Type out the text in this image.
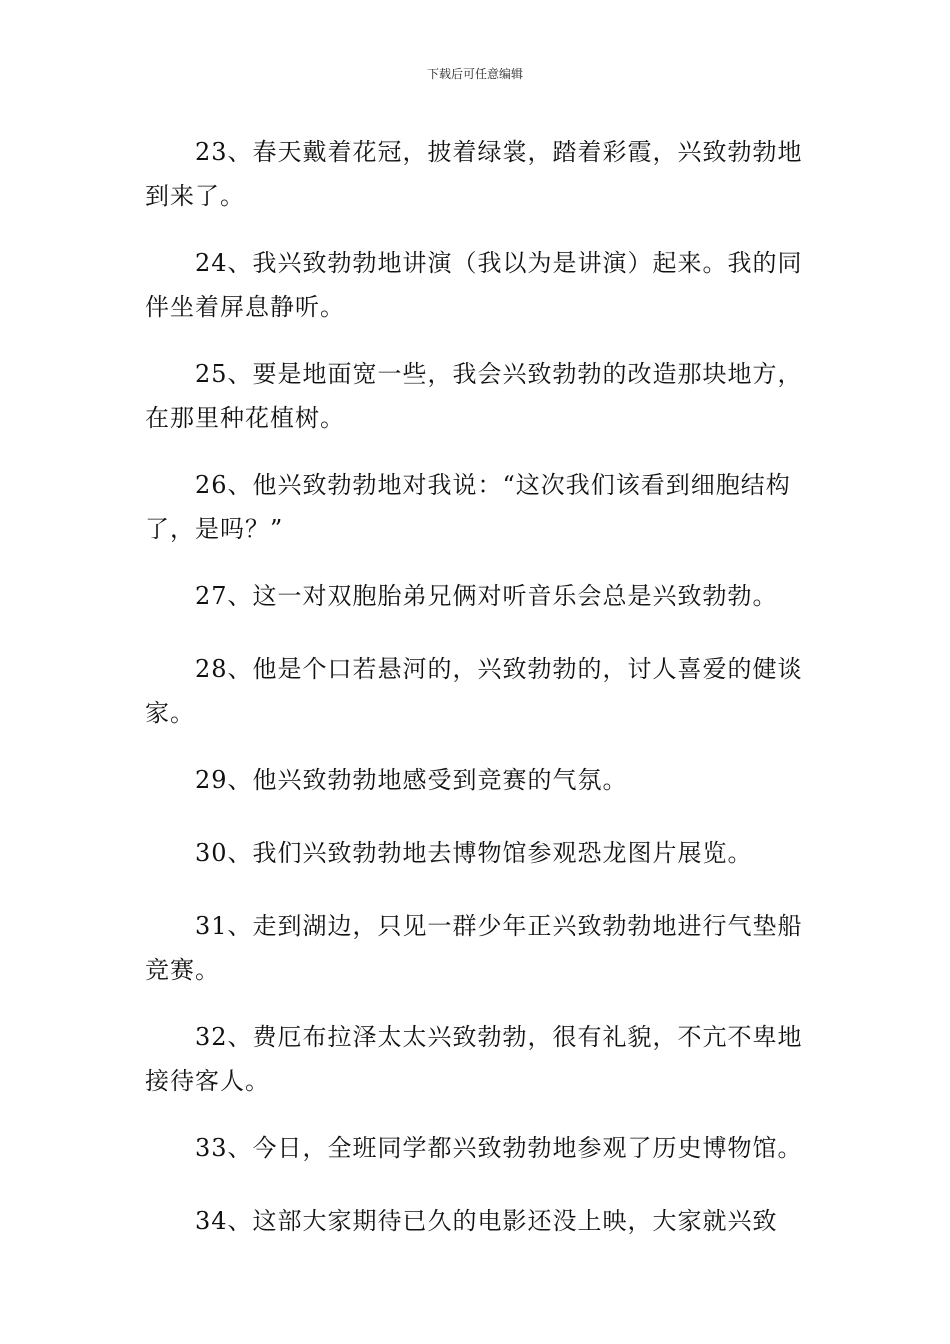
下载后可任意编辑

23、春天戴着花冠，披着绿裳，踏着彩霞，兴致勃勃地到来了。

24、我兴致勃勃地讲演（我以为是讲演）起来。我的同伴坐着屏息静听。

25、要是地面宽一些，我会兴致勃勃的改造那块地方，在那里种花植树。

26、他兴致勃勃地对我说：“这次我们该看到细胞结构了，是吗？”

27、这一对双胞胎弟兄俩对听音乐会总是兴致勃勃。

28、他是个口若悬河的，兴致勃勃的，讨人喜爱的健谈家。

29、他兴致勃勃地感受到竞赛的气氛。

30、我们兴致勃勃地去博物馆参观恐龙图片展览。

31、走到湖边，只见一群少年正兴致勃勃地进行气垫船竞赛。

32、费厄布拉泽太太兴致勃勃，很有礼貌，不亢不卑地接待客人。

33、今日，全班同学都兴致勃勃地参观了历史博物馆。

34、这部大家期待已久的电影还没上映，大家就兴致
